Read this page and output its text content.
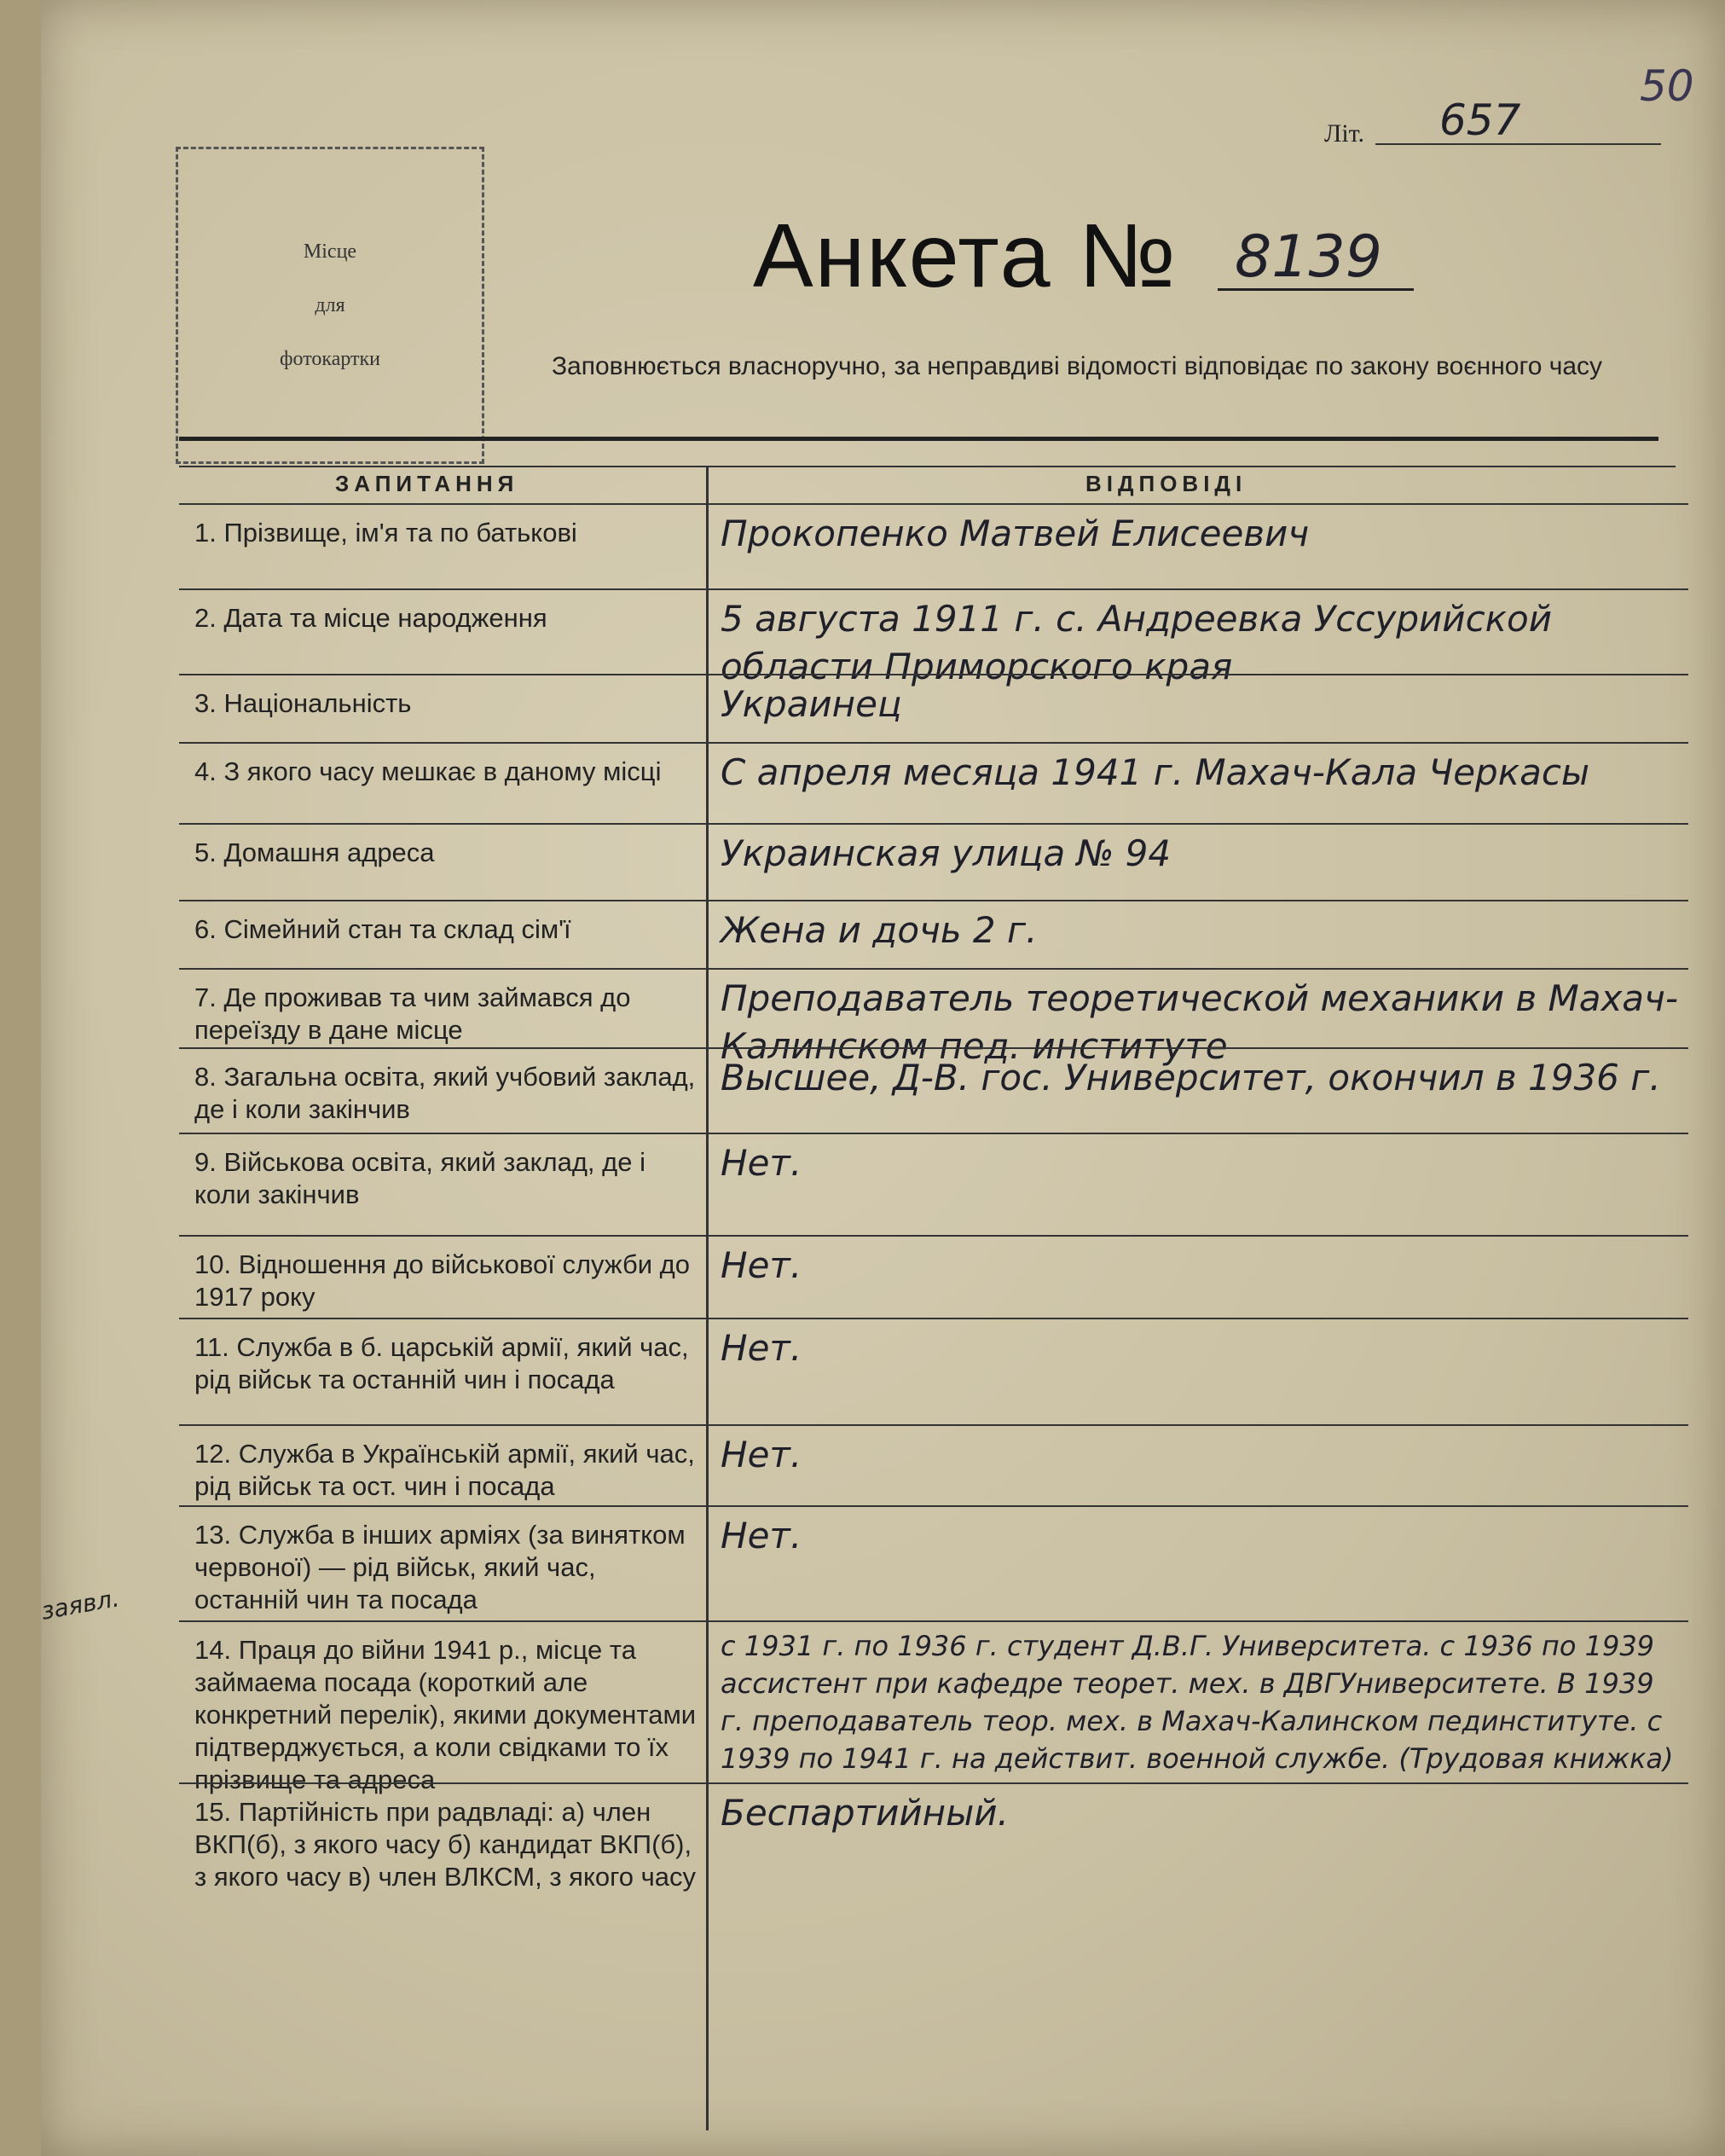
Літ. 657
50
Місце
для
фотокартки
Анкета № 8139
Заповнюється власноручно, за неправдиві відомості відповідає по закону воєнного часу
ЗАПИТАННЯ	ВІДПОВІДІ
1. Прізвище, ім'я та по батькові	Прокопенко Матвей Елисеевич
2. Дата та місце народження	5 августа 1911 г. с. Андреевка Уссурийской области Приморского края
3. Національність	Украинец
4. З якого часу мешкає в даному місці	С апреля месяца 1941 г. Махач-Кала Черкасы
5. Домашня адреса	Украинская улица № 94
6. Сімейний стан та склад сім'ї	Жена и дочь 2 г.
7. Де проживав та чим займався до переїзду в дане місце
Преподаватель теоретической механики в Махач-Калинском пед. институте
8. Загальна освіта, який учбовий заклад, де і коли закінчив
Высшее, Д-В. гос. Университет, окончил в 1936 г.
9. Військова освіта, який заклад, де і коли закінчив
Нет.
10. Відношення до військової служби до 1917 року
Нет.
11. Служба в б. царській армії, який час, рід військ та останній чин і посада
Нет.
12. Служба в Українській армії, який час, рід військ та ост. чин і посада
Нет.
13. Служба в інших арміях (за винятком червоної) — рід військ, який час, останній чин та посада
Нет.
14. Праця до війни 1941 р., місце та займаема посада (короткий але конкретний перелік), якими документами підтверджується, а коли свідками то їх прізвище та адреса
с 1931 г. по 1936 г. студент Д.В.Г. Университета. с 1936 по 1939 ассистент при кафедре теорет. мех. в ДВГУниверситете. В 1939 г. преподаватель теор. мех. в Махач-Калинском пединституте. с 1939 по 1941 г. на действит. военной службе. (Трудовая книжка)
15. Партійність при радвладі: а) член ВКП(б), з якого часу б) кандидат ВКП(б), з якого часу в) член ВЛКСМ, з якого часу
Беспартийный.
заявл.
